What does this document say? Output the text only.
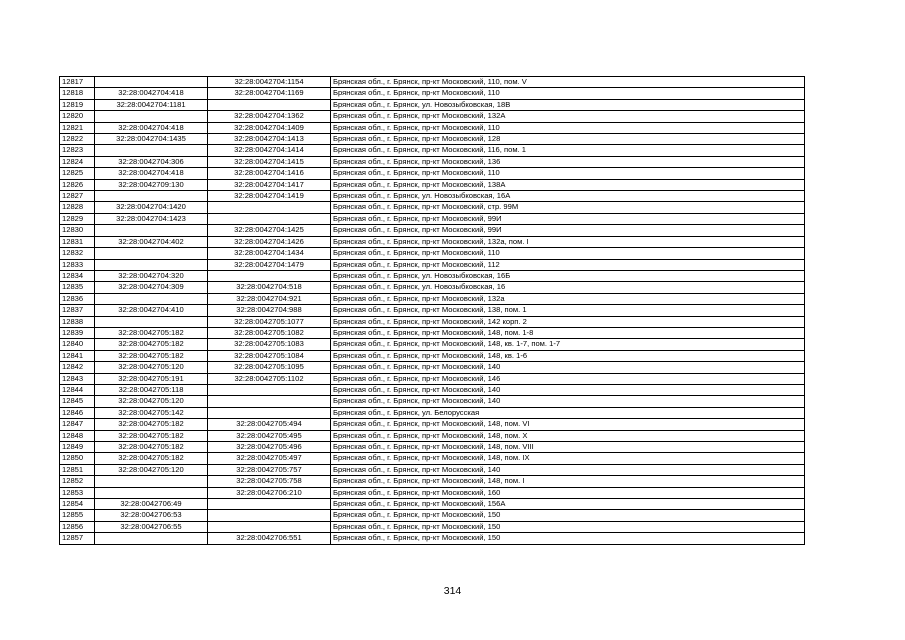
12817		32:28:0042704:1154	Брянская обл., г. Брянск, пр-кт Московский, 110, пом. V
12818	32:28:0042704:418	32:28:0042704:1169	Брянская обл., г. Брянск, пр-кт Московский, 110
12819	32:28:0042704:1181		Брянская обл., г. Брянск, ул. Новозыбковская, 18В
12820		32:28:0042704:1362	Брянская обл., г. Брянск, пр-кт Московский, 132А
12821	32:28:0042704:418	32:28:0042704:1409	Брянская обл., г. Брянск, пр-кт Московский, 110
12822	32:28:0042704:1435	32:28:0042704:1413	Брянская обл., г. Брянск, пр-кт Московский, 128
12823		32:28:0042704:1414	Брянская обл., г. Брянск, пр-кт Московский, 116, пом. 1
12824	32:28:0042704:306	32:28:0042704:1415	Брянская обл., г. Брянск, пр-кт Московский, 136
12825	32:28:0042704:418	32:28:0042704:1416	Брянская обл., г. Брянск, пр-кт Московский, 110
12826	32:28:0042709:130	32:28:0042704:1417	Брянская обл., г. Брянск, пр-кт Московский, 138А
12827		32:28:0042704:1419	Брянская обл., г. Брянск, ул. Новозыбковская, 16А
12828	32:28:0042704:1420		Брянская обл., г. Брянск, пр-кт Московский, стр. 99М
12829	32:28:0042704:1423		Брянская обл., г. Брянск, пр-кт Московский, 99И
12830		32:28:0042704:1425	Брянская обл., г. Брянск, пр-кт Московский, 99И
12831	32:28:0042704:402	32:28:0042704:1426	Брянская обл., г. Брянск, пр-кт Московский, 132а, пом. I
12832		32:28:0042704:1434	Брянская обл., г. Брянск, пр-кт Московский, 110
12833		32:28:0042704:1479	Брянская обл., г. Брянск, пр-кт Московский, 112
12834	32:28:0042704:320		Брянская обл., г. Брянск, ул. Новозыбковская, 16Б
12835	32:28:0042704:309	32:28:0042704:518	Брянская обл., г. Брянск, ул. Новозыбковская, 16
12836		32:28:0042704:921	Брянская обл., г. Брянск, пр-кт Московский, 132а
12837	32:28:0042704:410	32:28:0042704:988	Брянская обл., г. Брянск, пр-кт Московский, 138, пом. 1
12838		32:28:0042705:1077	Брянская обл., г. Брянск, пр-кт Московский, 142 корп. 2
12839	32:28:0042705:182	32:28:0042705:1082	Брянская обл., г. Брянск, пр-кт Московский, 148, пом. 1-8
12840	32:28:0042705:182	32:28:0042705:1083	Брянская обл., г. Брянск, пр-кт Московский, 148, кв. 1-7, пом. 1-7
12841	32:28:0042705:182	32:28:0042705:1084	Брянская обл., г. Брянск, пр-кт Московский, 148, кв. 1-6
12842	32:28:0042705:120	32:28:0042705:1095	Брянская обл., г. Брянск, пр-кт Московский, 140
12843	32:28:0042705:191	32:28:0042705:1102	Брянская обл., г. Брянск, пр-кт Московский, 146
12844	32:28:0042705:118		Брянская обл., г. Брянск, пр-кт Московский, 140
12845	32:28:0042705:120		Брянская обл., г. Брянск, пр-кт Московский, 140
12846	32:28:0042705:142		Брянская обл., г. Брянск, ул. Белорусская
12847	32:28:0042705:182	32:28:0042705:494	Брянская обл., г. Брянск, пр-кт Московский, 148, пом. VI
12848	32:28:0042705:182	32:28:0042705:495	Брянская обл., г. Брянск, пр-кт Московский, 148, пом. X
12849	32:28:0042705:182	32:28:0042705:496	Брянская обл., г. Брянск, пр-кт Московский, 148, пом. VIII
12850	32:28:0042705:182	32:28:0042705:497	Брянская обл., г. Брянск, пр-кт Московский, 148, пом. IX
12851	32:28:0042705:120	32:28:0042705:757	Брянская обл., г. Брянск, пр-кт Московский, 140
12852		32:28:0042705:758	Брянская обл., г. Брянск, пр-кт Московский, 148, пом. I
12853		32:28:0042706:210	Брянская обл., г. Брянск, пр-кт Московский, 160
12854	32:28:0042706:49		Брянская обл., г. Брянск, пр-кт Московский, 156А
12855	32:28:0042706:53		Брянская обл., г. Брянск, пр-кт Московский, 150
12856	32:28:0042706:55		Брянская обл., г. Брянск, пр-кт Московский, 150
12857		32:28:0042706:551	Брянская обл., г. Брянск, пр-кт Московский, 150
314
